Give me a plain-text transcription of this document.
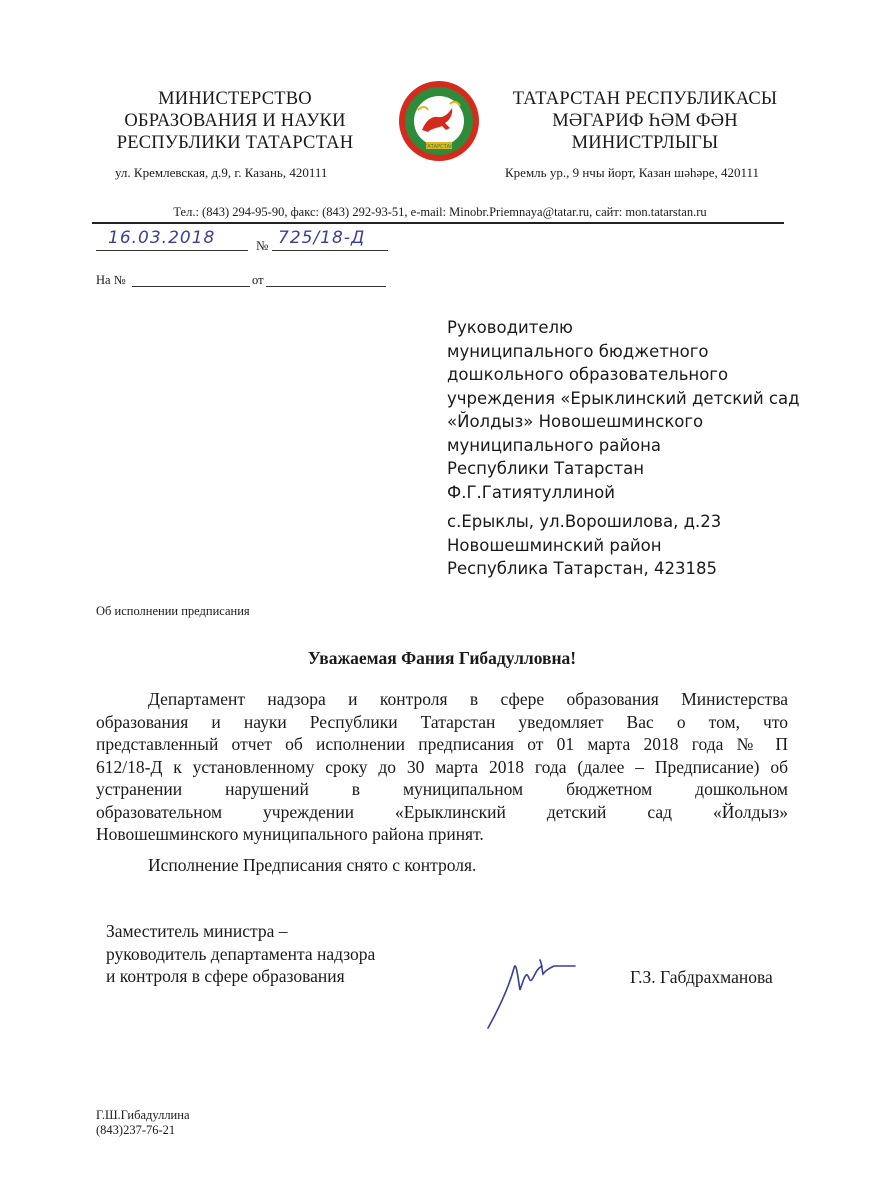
МИНИСТЕРСТВО
ОБРАЗОВАНИЯ И НАУКИ
РЕСПУБЛИКИ ТАТАРСТАН
ул. Кремлевская, д.9, г. Казань, 420111
ТАТАРСТАН
ТАТАРСТАН РЕСПУБЛИКАСЫ
МӘГАРИФ ҺӘМ ФӘН
МИНИСТРЛЫГЫ
Кремль ур., 9 нчы йорт, Казан шәһәре, 420111
Тел.: (843) 294-95-90, факс: (843) 292-93-51, e-mail: Minobr.Priemnaya@tatar.ru, сайт: mon.tatarstan.ru
16.03.2018	№ 725/18-Д
На №	от
Руководителю
муниципального бюджетного
дошкольного образовательного
учреждения «Ерыклинский детский сад
«Йолдыз» Новошешминского
муниципального района
Республики Татарстан
Ф.Г.Гатиятуллиной
с.Ерыклы, ул.Ворошилова, д.23
Новошешминский район
Республика Татарстан, 423185
Об исполнении предписания
Уважаемая Фания Гибадулловна!
Департамент надзора и контроля в сфере образования Министерства
образования и науки Республики Татарстан уведомляет Вас о том, что
представленный отчет об исполнении предписания от 01 марта 2018 года № П
612/18-Д к установленному сроку до 30 марта 2018 года (далее – Предписание) об
устранении нарушений в муниципальном бюджетном дошкольном
образовательном учреждении «Ерыклинский детский сад «Йолдыз»
Новошешминского муниципального района принят.
Исполнение Предписания снято с контроля.
Заместитель министра –
руководитель департамента надзора
и контроля в сфере образования	Г.З. Габдрахманова
Г.Ш.Гибадуллина
(843)237-76-21
